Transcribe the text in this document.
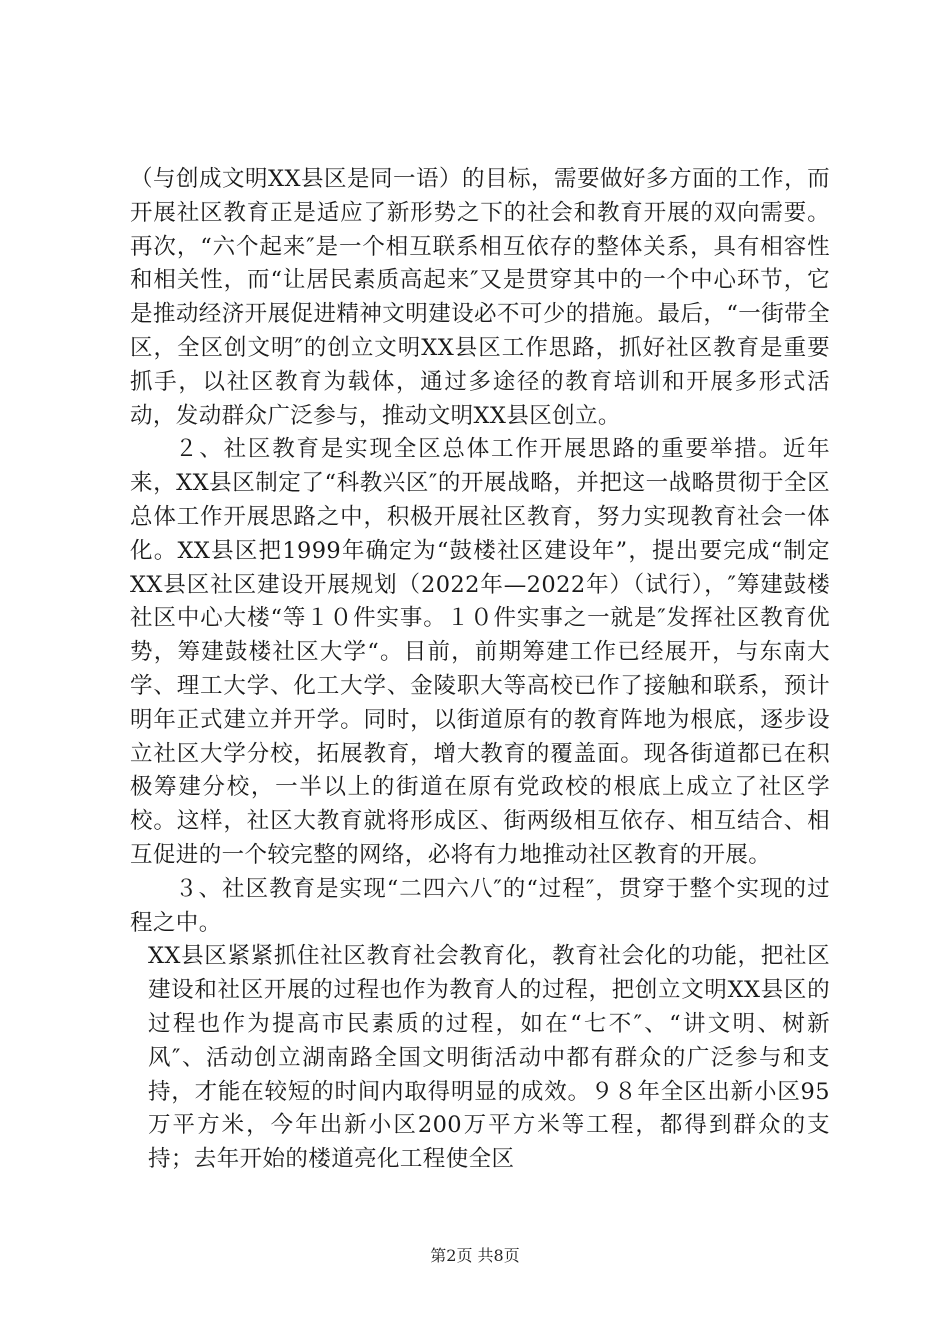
（与创成文明XX县区是同一语）的目标，需要做好多方面的工作，而开展社区教育正是适应了新形势之下的社会和教育开展的双向需要。再次，“六个起来″是一个相互联系相互依存的整体关系，具有相容性和相关性，而“让居民素质高起来″又是贯穿其中的一个中心环节，它是推动经济开展促进精神文明建设必不可少的措施。最后，“一街带全区，全区创文明″的创立文明XX县区工作思路，抓好社区教育是重要抓手，以社区教育为载体，通过多途径的教育培训和开展多形式活动，发动群众广泛参与，推动文明XX县区创立。

２、社区教育是实现全区总体工作开展思路的重要举措。近年来，XX县区制定了“科教兴区″的开展战略，并把这一战略贯彻于全区总体工作开展思路之中，积极开展社区教育，努力实现教育社会一体化。XX县区把1999年确定为“鼓楼社区建设年”，提出要完成“制定XX县区社区建设开展规划（2022年—2022年）（试行），″筹建鼓楼社区中心大楼“等１０件实事。１０件实事之一就是″发挥社区教育优势，筹建鼓楼社区大学“。目前，前期筹建工作已经展开，与东南大学、理工大学、化工大学、金陵职大等高校已作了接触和联系，预计明年正式建立并开学。同时，以街道原有的教育阵地为根底，逐步设立社区大学分校，拓展教育，增大教育的覆盖面。现各街道都已在积极筹建分校，一半以上的街道在原有党政校的根底上成立了社区学校。这样，社区大教育就将形成区、街两级相互依存、相互结合、相互促进的一个较完整的网络，必将有力地推动社区教育的开展。

３、社区教育是实现“二四六八″的“过程″，贯穿于整个实现的过程之中。

XX县区紧紧抓住社区教育社会教育化，教育社会化的功能，把社区建设和社区开展的过程也作为教育人的过程，把创立文明XX县区的过程也作为提高市民素质的过程，如在“七不″、“讲文明、树新风″、活动创立湖南路全国文明街活动中都有群众的广泛参与和支持，才能在较短的时间内取得明显的成效。９８年全区出新小区95万平方米，今年出新小区200万平方米等工程，都得到群众的支持；去年开始的楼道亮化工程使全区

第2页 共8页
